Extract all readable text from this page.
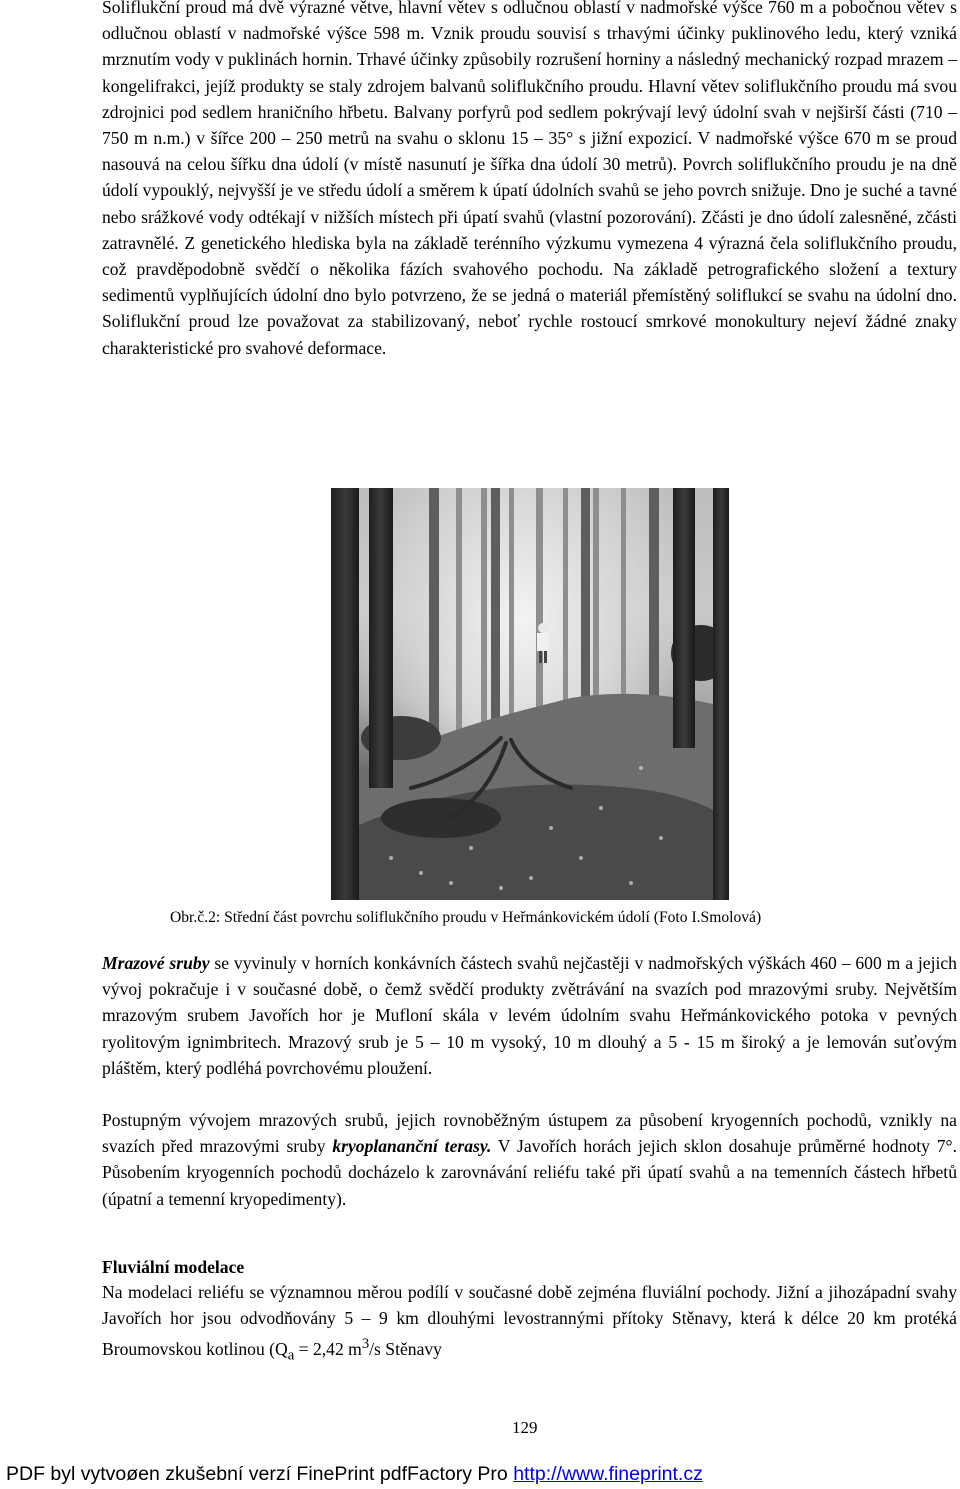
Soliflukční proud má dvě výrazné větve, hlavní větev s odlučnou oblastí v nadmořské výšce 760 m a pobočnou větev s odlučnou oblastí v nadmořské výšce 598 m. Vznik proudu souvisí s trhavými účinky puklinového ledu, který vzniká mrznutím vody v puklinách hornin. Trhavé účinky způsobily rozrušení horniny a následný mechanický rozpad mrazem – kongelifrakci, jejíž produkty se staly zdrojem balvanů soliflukčního proudu. Hlavní větev soliflukčního proudu má svou zdrojnici pod sedlem hraničního hřbetu. Balvany porfyrů pod sedlem pokrývají levý údolní svah v nejširší části (710 – 750 m n.m.) v šířce 200 – 250 metrů na svahu o sklonu 15 – 35° s jižní expozicí. V nadmořské výšce 670 m se proud nasouvá na celou šířku dna údolí (v místě nasunutí je šířka dna údolí 30 metrů). Povrch soliflukčního proudu je na dně údolí vypouklý, nejvyšší je ve středu údolí a směrem k úpatí údolních svahů se jeho povrch snižuje. Dno je suché a tavné nebo srážkové vody odtékají v nižších místech při úpatí svahů (vlastní pozorování). Zčásti je dno údolí zalesněné, zčásti zatravnělé. Z genetického hlediska byla na základě terénního výzkumu vymezena 4 výrazná čela soliflukčního proudu, což pravděpodobně svědčí o několika fázích svahového pochodu. Na základě petrografického složení a textury sedimentů vyplňujících údolní dno bylo potvrzeno, že se jedná o materiál přemístěný soliflukcí se svahu na údolní dno. Soliflukční proud lze považovat za stabilizovaný, neboť rychle rostoucí smrkové monokultury nejeví žádné znaky charakteristické pro svahové deformace.

Obr.č.2: Střední část povrchu soliflukčního proudu v Heřmánkovickém údolí (Foto I.Smolová)

Mrazové sruby se vyvinuly v horních konkávních částech svahů nejčastěji v nadmořských výškách 460 – 600 m a jejich vývoj pokračuje i v současné době, o čemž svědčí produkty zvětrávání na svazích pod mrazovými sruby. Největším mrazovým srubem Javořích hor je Mufloní skála v levém údolním svahu Heřmánkovického potoka v pevných ryolitovým ignimbritech. Mrazový srub je 5 – 10 m vysoký, 10 m dlouhý a 5 - 15 m široký a je lemován suťovým pláštěm, který podléhá povrchovému ploužení.

Postupným vývojem mrazových srubů, jejich rovnoběžným ústupem za působení kryogenních pochodů, vznikly na svazích před mrazovými sruby kryoplananční terasy. V Javořích horách jejich sklon dosahuje průměrné hodnoty 7°. Působením kryogenních pochodů docházelo k zarovnávání reliéfu také při úpatí svahů a na temenních částech hřbetů (úpatní a temenní kryopedimenty).

Fluviální modelace

Na modelaci reliéfu se významnou měrou podílí v současné době zejména fluviální pochody. Jižní a jihozápadní svahy Javořích hor jsou odvodňovány 5 – 9 km dlouhými levostrannými přítoky Stěnavy, která k délce 20 km protéká Broumovskou kotlinou ($Q_a = 2,42$ $m^3/s$ Stěnavy

129
PDF byl vytvoøen zkušební verzí FinePrint pdfFactory Pro http://www.fineprint.cz
